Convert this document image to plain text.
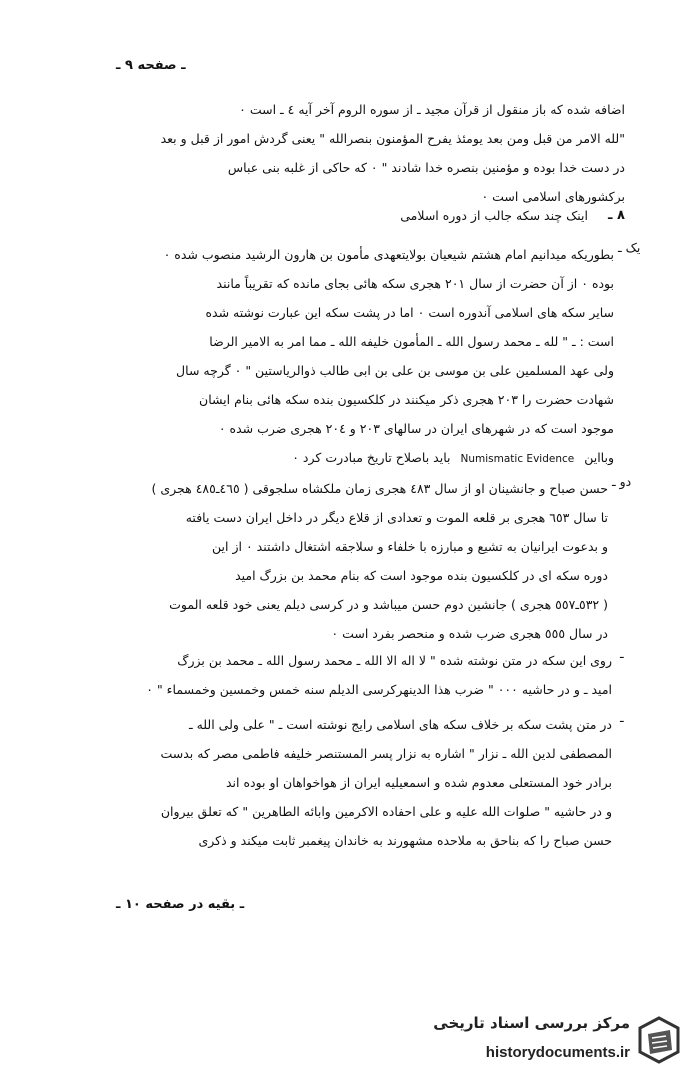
ـ صفحه ۹ ـ
اضافه شده که باز منقول از قرآن مجید ـ از سوره الروم آخر آیه ٤ ـ است ٠
"لله الامر من قبل ومن بعد یومئذ یفرح المؤمنون بنصرالله " یعنی گردش امور از قبل و بعد
در دست خدا بوده و مؤمنین بنصره خدا شادند " ٠ که حاکی از غلبه بنی عباس
برکشورهای اسلامی است ٠
۸ ـ
اینک چند سکه جالب از دوره اسلامی
یک ـ
بطوریکه میدانیم امام هشتم شیعیان بولایتعهدی مأمون بن هارون الرشید منصوب شده ٠
بوده ٠ از آن حضرت از سال ۲۰۱ هجری سکه هائی بجای مانده که تقریباً مانند
سایر سکه های اسلامی آندوره است ٠ اما در پشت سکه این عبارت نوشته شده
است : ـ " لله ـ محمد رسول الله ـ المأمون خلیفه الله ـ مما امر به الامیر الرضا
ولی عهد المسلمین علی بن موسی بن علی بن ابی طالب ذوالریاستین " ٠ گرچه سال
شهادت حضرت را ۲۰۳ هجری ذکر میکنند در کلکسیون بنده سکه هائی بنام ایشان
موجود است که در شهرهای ایران در سالهای ۲۰۳ و ۲۰٤ هجری ضرب شده ٠
وبااین Numismatic Evidence باید باصلاح تاریخ مبادرت کرد ٠
دو ـ
حسن صباح و جانشینان او از سال ٤۸۳ هجری زمان ملکشاه سلجوقی ( ٤٦٥ـ٤۸٥ هجری )
تا سال ٦٥۳ هجری بر قلعه الموت و تعدادی از قلاع دیگر در داخل ایران دست یافته
و بدعوت ایرانیان به تشیع و مبارزه با خلفاء و سلاجقه اشتغال داشتند ٠ از این
دوره سکه ای در کلکسیون بنده موجود است که بنام محمد بن بزرگ امید
( ٥۳۲ـ٥٥۷ هجری ) جانشین دوم حسن میباشد و در کرسی دیلم یعنی خود قلعه الموت
در سال ٥٥٥ هجری ضرب شده و منحصر بفرد است ٠
ـ
روی این سکه در متن نوشته شده " لا اله الا الله ـ محمد رسول الله ـ محمد بن بزرگ
امید ـ و در حاشیه ٠٠٠ " ضرب هذا الدینهرکرسی الدیلم سنه خمس وخمسین وخمسماء " ٠
ـ
در متن پشت سکه بر خلاف سکه های اسلامی رایج نوشته است ـ " علی ولی الله ـ
المصطفی لدین الله ـ نزار " اشاره به نزار پسر المستنصر خلیفه فاطمی مصر که بدست
برادر خود المستعلی معدوم شده و اسمعیلیه ایران از هواخواهان او بوده اند
و در حاشیه " صلوات الله علیه و علی احفاده الاکرمین وابائه الطاهرین " که تعلق بیروان
حسن صباح را که بناحق به ملاحده مشهورند به خاندان پیغمبر ثابت میکند و ذکری
ـ بقیه در صفحه ۱۰ ـ
مرکز بررسی اسناد تاریخی
historydocuments.ir
